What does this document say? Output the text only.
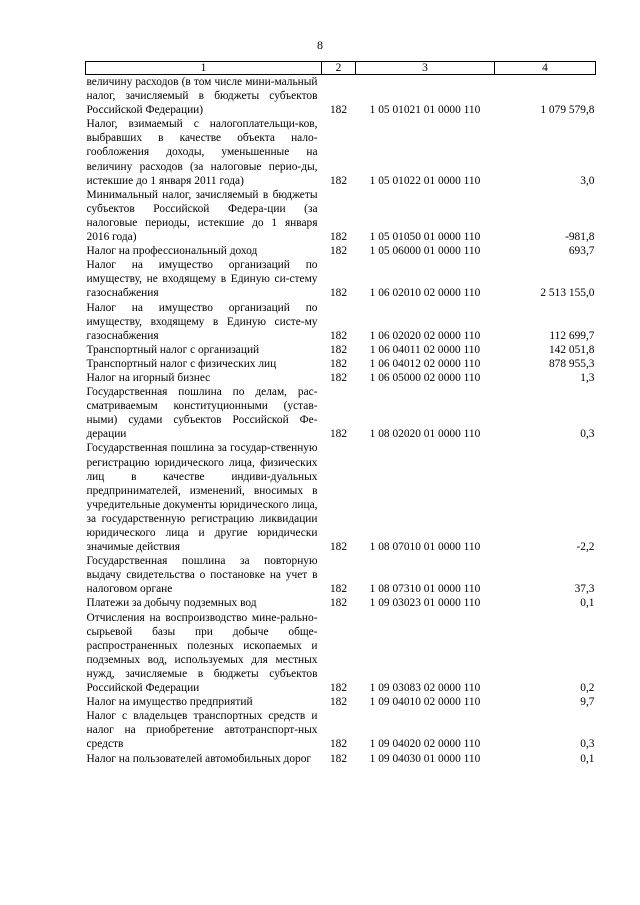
8
1	2	3	4
величину расходов (в том числе мини-мальный налог, зачисляемый в бюджеты субъектов Российской Федерации)	182	1 05 01021 01 0000 110	1 079 579,8
Налог, взимаемый с налогоплательщи-ков, выбравших в качестве объекта нало-гообложения доходы, уменьшенные на величину расходов (за налоговые перио-ды, истекшие до 1 января 2011 года)	182	1 05 01022 01 0000 110	3,0
Минимальный налог, зачисляемый в бюджеты субъектов Российской Федера-ции (за налоговые периоды, истекшие до 1 января 2016 года)	182	1 05 01050 01 0000 110	-981,8
Налог на профессиональный доход	182	1 05 06000 01 0000 110	693,7
Налог на имущество организаций по имуществу, не входящему в Единую си-стему газоснабжения	182	1 06 02010 02 0000 110	2 513 155,0
Налог на имущество организаций по имуществу, входящему в Единую систе-му газоснабжения	182	1 06 02020 02 0000 110	112 699,7
Транспортный налог с организаций	182	1 06 04011 02 0000 110	142 051,8
Транспортный налог с физических лиц	182	1 06 04012 02 0000 110	878 955,3
Налог на игорный бизнес	182	1 06 05000 02 0000 110	1,3
Государственная пошлина по делам, рас-сматриваемым конституционными (устав-ными) судами субъектов Российской Фе-дерации	182	1 08 02020 01 0000 110	0,3
Государственная пошлина за государ-ственную регистрацию юридического лица, физических лиц в качестве индиви-дуальных предпринимателей, изменений, вносимых в учредительные документы юридического лица, за государственную регистрацию ликвидации юридического лица и другие юридически значимые действия	182	1 08 07010 01 0000 110	-2,2
Государственная пошлина за повторную выдачу свидетельства о постановке на учет в налоговом органе	182	1 08 07310 01 0000 110	37,3
Платежи за добычу подземных вод	182	1 09 03023 01 0000 110	0,1
Отчисления на воспроизводство мине-рально-сырьевой базы при добыче обще-распространенных полезных ископаемых и подземных вод, используемых для местных нужд, зачисляемые в бюджеты субъектов Российской Федерации	182	1 09 03083 02 0000 110	0,2
Налог на имущество предприятий	182	1 09 04010 02 0000 110	9,7
Налог с владельцев транспортных средств и налог на приобретение автотранспорт-ных средств	182	1 09 04020 02 0000 110	0,3
Налог на пользователей автомобильных дорог	182	1 09 04030 01 0000 110	0,1
